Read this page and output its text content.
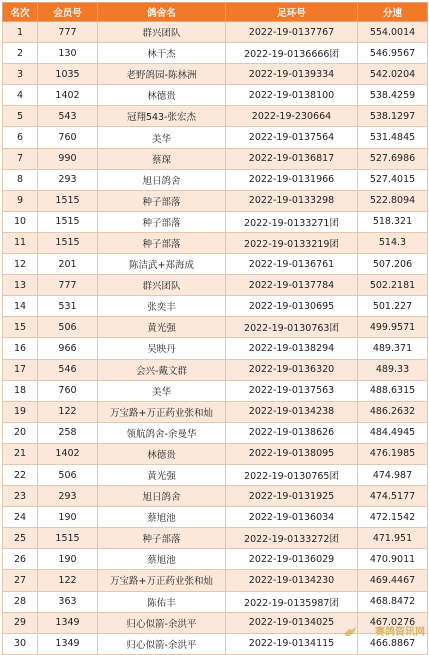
名次	会员号	鸽舍名	足环号	分速
1	777	群兴团队	2022-19-0137767	554.0014
2	130	林干杰	2022-19-0136666团	546.9567
3	1035	老野鸽园-陈林洲	2022-19-0139334	542.0204
4	1402	林德贵	2022-19-0138100	538.4259
5	543	冠翔543-张宏杰	2022-19-230664	538.1297
6	760	美华	2022-19-0137564	531.4845
7	990	蔡琛	2022-19-0136817	527.6986
8	293	旭日鸽舍	2022-19-0131966	527.4015
9	1515	种子部落	2022-19-0133298	522.8094
10	1515	种子部落	2022-19-0133271团	518.321
11	1515	种子部落	2022-19-0133219团	514.3
12	201	陈洁武+郑海成	2022-19-0136761	507.206
13	777	群兴团队	2022-19-0137784	502.2181
14	531	张奕丰	2022-19-0130695	501.227
15	506	黄光强	2022-19-0130763团	499.9571
16	966	吴映丹	2022-19-0138294	489.371
17	546	会兴-戴文群	2022-19-0136320	489.33
18	760	美华	2022-19-0137563	488.6315
19	122	万宝路+万正药业张和灿	2022-19-0134238	486.2632
20	258	领航鸽舍-余曼华	2022-19-0138626	484.4945
21	1402	林德贵	2022-19-0138095	476.1985
22	506	黄光强	2022-19-0130765团	474.987
23	293	旭日鸽舍	2022-19-0131925	474.5177
24	190	蔡旭池	2022-19-0136034	472.1542
25	1515	种子部落	2022-19-0133272团	471.951
26	190	蔡旭池	2022-19-0136029	470.9011
27	122	万宝路+万正药业张和灿	2022-19-0134230	469.4467
28	363	陈佑丰	2022-19-0135987团	468.8472
29	1349	归心似箭-余洪平	2022-19-0134025	467.0276
30	1349	归心似箭-余洪平	2022-19-0134115	466.8867
赛鸽资讯网
